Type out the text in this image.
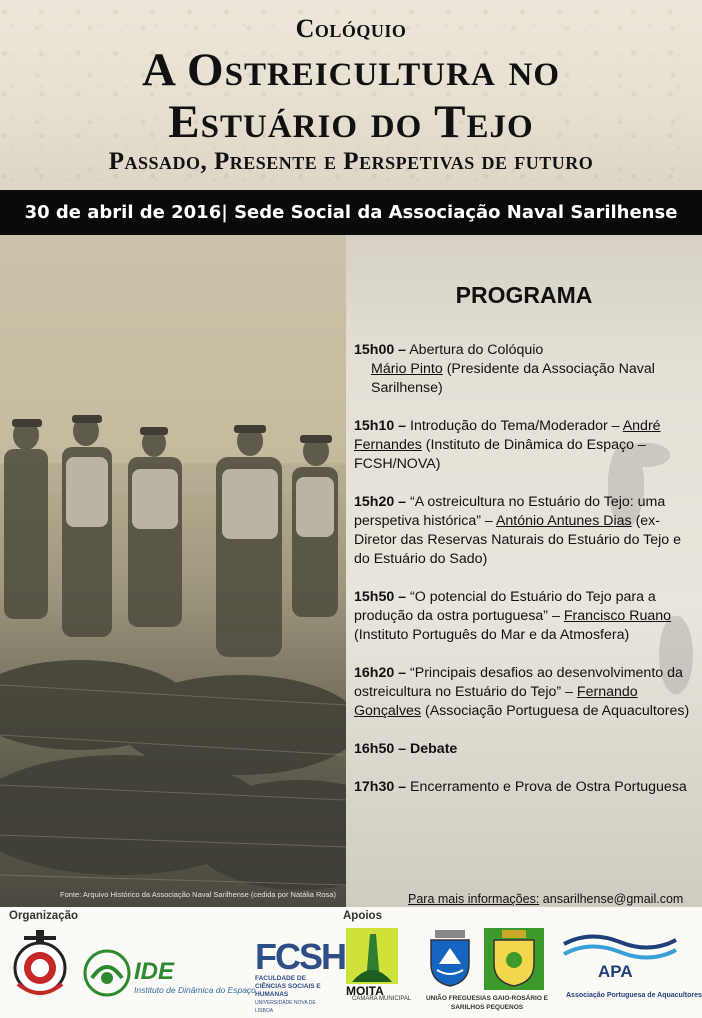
Colóquio
A Ostreicultura no
Estuário do Tejo
Passado, Presente e Perspetivas de futuro
30 de abril de 2016| Sede Social da Associação Naval Sarilhense
Fonte: Arquivo Histórico da Associação Naval Sarilhense (cedida por Natália Rosa)
PROGRAMA
15h00 – Abertura do Colóquio
Mário Pinto (Presidente da Associação Naval Sarilhense)
15h10 – Introdução do Tema/Moderador – André Fernandes (Instituto de Dinâmica do Espaço – FCSH/NOVA)
15h20 – “A ostreicultura no Estuário do Tejo: uma perspetiva histórica” – António Antunes Dias (ex-Diretor das Reservas Naturais do Estuário do Tejo e do Estuário do Sado)
15h50 – “O potencial do Estuário do Tejo para a produção da ostra portuguesa” – Francisco Ruano (Instituto Português do Mar e da Atmosfera)
16h20 – “Principais desafios ao desenvolvimento da ostreicultura no Estuário do Tejo” – Fernando Gonçalves (Associação Portuguesa de Aquacultores)
16h50 – Debate
17h30 – Encerramento e Prova de Ostra Portuguesa
Para mais informações: ansarilhense@gmail.com
Organização	Apoios
IDE
Instituto de Dinâmica do Espaço
FCSH
FACULDADE DE CIÊNCIAS SOCIAIS E HUMANAS
UNIVERSIDADE NOVA DE LISBOA
MOITA
CÂMARA MUNICIPAL	UNIÃO FREGUESIAS GAIO-ROSÁRIO E SARILHOS PEQUENOS
APA
Associação Portuguesa de Aquacultores
